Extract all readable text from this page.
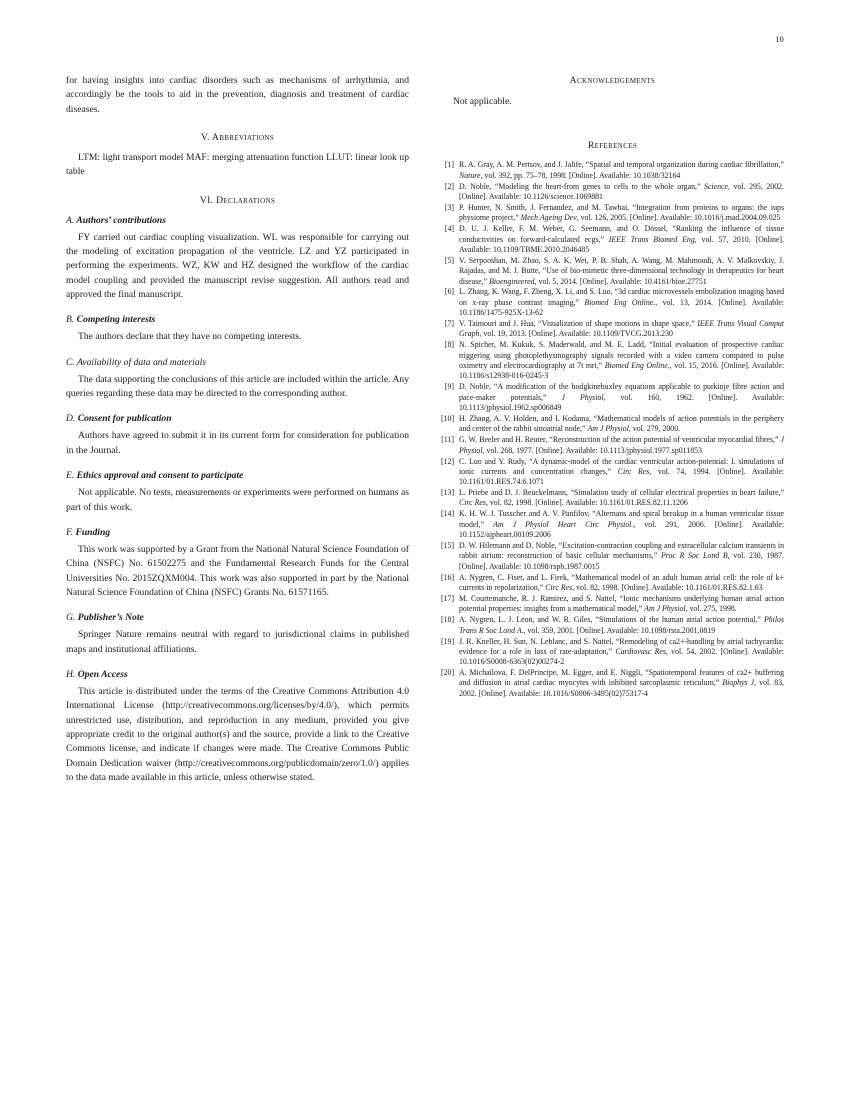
10

for having insights into cardiac disorders such as mechanisms of arrhythmia, and accordingly be the tools to aid in the prevention, diagnosis and treatment of cardiac diseases.

V. Abbreviations

LTM: light transport model MAF: merging attenuation function LLUT: linear look up table

VI. Declarations
A. Authors’ contributions

FY carried out cardiac coupling visualization. WL was responsible for carrying out the modeling of excitation propagation of the ventricle. LZ and YZ participated in performing the experiments. WZ, KW and HZ designed the workflow of the cardiac model coupling and provided the manuscript revise suggestion. All authors read and approved the final manuscript.

B. Competing interests

The authors declare that they have no competing interests.

C. Availability of data and materials

The data supporting the conclusions of this article are included within the article. Any queries regarding these data may be directed to the corresponding author.

D. Consent for publication

Authors have agreed to submit it in its current form for consideration for publication in the Journal.

E. Ethics approval and consent to participate

Not applicable. No tests, measurements or experiments were performed on humans as part of this work.

F. Funding

This work was supported by a Grant from the National Natural Science Foundation of China (NSFC) No. 61502275 and the Fundamental Research Funds for the Central Universities No. 2015ZQXM004. This work was also supported in part by the National Natural Science Foundation of China (NSFC) Grants No. 61571165.

G. Publisher’s Note

Springer Nature remains neutral with regard to jurisdictional claims in published maps and institutional affiliations.

H. Open Access

This article is distributed under the terms of the Creative Commons Attribution 4.0 International License (http://creativecommons.org/licenses/by/4.0/), which permits unrestricted use, distribution, and reproduction in any medium, provided you give appropriate credit to the original author(s) and the source, provide a link to the Creative Commons license, and indicate if changes were made. The Creative Commons Public Domain Dedication waiver (http://creativecommons.org/publicdomain/zero/1.0/) applies to the data made available in this article, unless otherwise stated.

Acknowledgements

Not applicable.

References
[1] R. A. Gray, A. M. Pertsov, and J. Jalife, “Spatial and temporal organization during cardiac fibrillation,” Nature, vol. 392, pp. 75–78, 1998. [Online]. Available: 10.1038/32164
[2] D. Noble, “Modeling the heart-from genes to cells to the whole organ,” Science, vol. 295, 2002. [Online]. Available: 10.1126/science.1069881
[3] P. Hunter, N. Smith, J. Fernandez, and M. Tawhai, “Integration from proteins to organs: the iups physiome project,” Mech Ageing Dev, vol. 126, 2005. [Online]. Available: 10.1016/j.mad.2004.09.025
[4] D. U. J. Keller, F. M. Weber, G. Seemann, and O. Dössel, “Ranking the influence of tissue conductivities on forward-calculated ecgs,” IEEE Trans Biomed Eng, vol. 57, 2010. [Online]. Available: 10.1109/TBME.2010.2046485
[5] V. Serpooshan, M. Zhao, S. A. K. Wei, P. B. Shah, A. Wang, M. Mahmoudi, A. V. Malkovskiy, J. Rajadas, and M. J. Butte, “Use of bio-mimetic three-dimensional technology in therapeutics for heart disease,” Bioengineered, vol. 5, 2014. [Online]. Available: 10.4161/bioe.27751
[6] L. Zhang, K. Wang, F. Zheng, X. Li, and S. Luo, “3d cardiac microvessels embolization imaging based on x-ray phase contrast imaging,” Biomed Eng Online., vol. 13, 2014. [Online]. Available: 10.1186/1475-925X-13-62
[7] V. Taimouri and J. Hua, “Visualization of shape motions in shape space,” IEEE Trans Visual Comput Graph, vol. 19, 2013. [Online]. Available: 10.1109/TVCG.2013.230
[8] N. Spicher, M. Kukuk, S. Maderwald, and M. E. Ladd, “Initial evaluation of prospective cardiac triggering using photoplethysmography signals recorded with a video camera compared to pulse oximetry and electrocardiography at 7t mri,” Biomed Eng Online., vol. 15, 2016. [Online]. Available: 10.1186/s12938-016-0245-3
[9] D. Noble, “A modification of the hodgkinehuxley equations applicable to purkinje fibre action and pace-maker potentials,” J Physiol, vol. 160, 1962. [Online]. Available: 10.1113/jphysiol.1962.sp006849
[10] H. Zhang, A. V. Holden, and I. Kodama, “Mathematical models of action potentials in the periphery and center of the rabbit sinoatrial node,” Am J Physiol, vol. 279, 2000.
[11] G. W. Beeler and H. Reuter, “Reconstruction of the action potential of ventricular myocardial fibres,” J Physiol, vol. 268, 1977. [Online]. Available: 10.1113/jphysiol.1977.sp011853
[12] C. Luo and Y. Rudy, “A dynamic-model of the cardiac ventricular action-potential: I. simulations of ionic currents and concentration changes,” Circ Res, vol. 74, 1994. [Online]. Available: 10.1161/01.RES.74.6.1071
[13] L. Priebe and D. J. Beuckelmann, “Simulation study of cellular electrical properties in heart failure,” Circ Res, vol. 82, 1998. [Online]. Available: 10.1161/01.RES.82.11.1206
[14] K. H. W. J. Tusscher and A. V. Panfilov, “Alternans and spiral breakup in a human ventricular tissue model,” Am J Physiol Heart Circ Physiol., vol. 291, 2006. [Online]. Available: 10.1152/ajpheart.00109.2006
[15] D. W. Hilemann and D. Noble, “Excitation-contraction coupling and extracellular calcium transients in rabbit atrium: reconstruction of basic cellular mechanisms,” Proc R Soc Lond B, vol. 230, 1987. [Online]. Available: 10.1098/rspb.1987.0015
[16] A. Nygren, C. Fiset, and L. Firek, “Mathematical model of an adult human atrial cell: the role of k+ currents in repolarization,” Circ Res, vol. 82, 1998. [Online]. Available: 10.1161/01.RES.82.1.63
[17] M. Courtemanche, R. J. Ramirez, and S. Nattel, “Ionic mechanisms underlying human atrial action potential properties: insights from a mathematical model,” Am J Physiol, vol. 275, 1998.
[18] A. Nygren, L. J. Leon, and W. R. Giles, “Simulations of the human atrial action potential,” Philos Trans R Soc Lond A., vol. 359, 2001. [Online]. Available: 10.1098/rsta.2001.0819
[19] J. R. Kneller, H. Sun, N. Leblanc, and S. Nattel, “Remodeling of ca2+-handling by atrial tachycardia: evidence for a role in loss of rate-adaptation,” Cardiovasc Res, vol. 54, 2002. [Online]. Available: 10.1016/S0008-6363(02)00274-2
[20] A. Michailova, F. DelPrincipe, M. Egger, and E. Niggli, “Spatiotemporal features of ca2+ buffering and diffusion in atrial cardiac myocytes with inhibited sarcoplasmic reticulum,” Biophys J, vol. 83, 2002. [Online]. Available: 10.1016/S0006-3495(02)75317-4
